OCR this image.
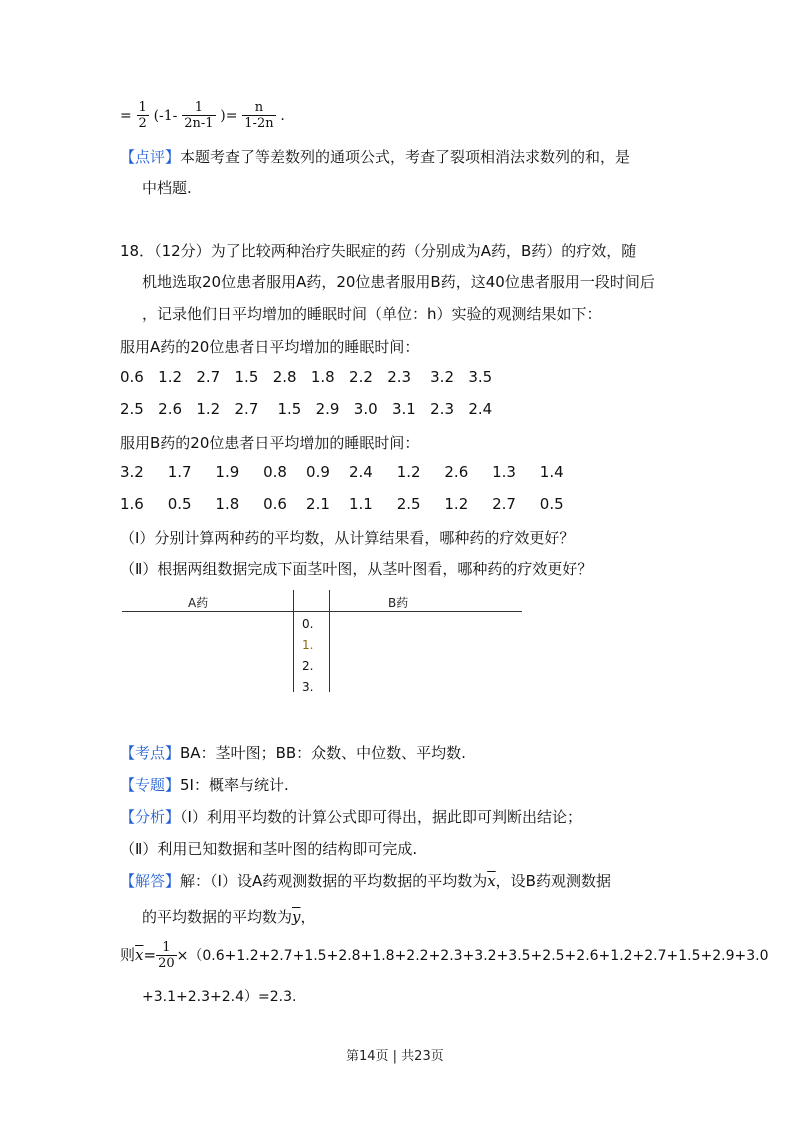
= $\frac{1}{2} (-1- \frac{1}{2n-1}$ )= $\frac{n}{1-2n}$ .
【点评】本题考查了等差数列的通项公式，考查了裂项相消法求数列的和，是
中档题.
18．（12分）为了比较两种治疗失眠症的药（分别成为A药，B药）的疗效，随
机地选取20位患者服用A药，20位患者服用B药，这40位患者服用一段时间后
，记录他们日平均增加的睡眠时间（单位：h）实验的观测结果如下：
服用A药的20位患者日平均增加的睡眠时间：
0.6 1.2 2.7 1.5 2.8 1.8 2.2 2.3 3.2 3.5
2.5 2.6 1.2 2.7 1.5 2.9 3.0 3.1 2.3 2.4
服用B药的20位患者日平均增加的睡眠时间：
3.2 1.7 1.9 0.8 0.9 2.4 1.2 2.6 1.3 1.4
1.6 0.5 1.8 0.6 2.1 1.1 2.5 1.2 2.7 0.5
（Ⅰ）分别计算两种药的平均数，从计算结果看，哪种药的疗效更好？
（Ⅱ）根据两组数据完成下面茎叶图，从茎叶图看，哪种药的疗效更好？
A药	B药
0.
1.
2.
3.
【考点】BA：茎叶图；BB：众数、中位数、平均数.
【专题】5I：概率与统计.
【分析】（Ⅰ）利用平均数的计算公式即可得出，据此即可判断出结论；
（Ⅱ）利用已知数据和茎叶图的结构即可完成.
【解答】解：（Ⅰ）设A药观测数据的平均数据的平均数为$\overline{x}$，设B药观测数据
的平均数据的平均数为$\overline{y}$，
则$\overline{x}= \frac{1}{20} \times(0.6+1.2+2.7+1.5+2.8+1.8+2.2+2.3+3.2+3.5+2.5+2.6+1.2+2.7+1.5+2.9+3.0$
+3.1+2.3+2.4）=2.3.
第14页 | 共23页
